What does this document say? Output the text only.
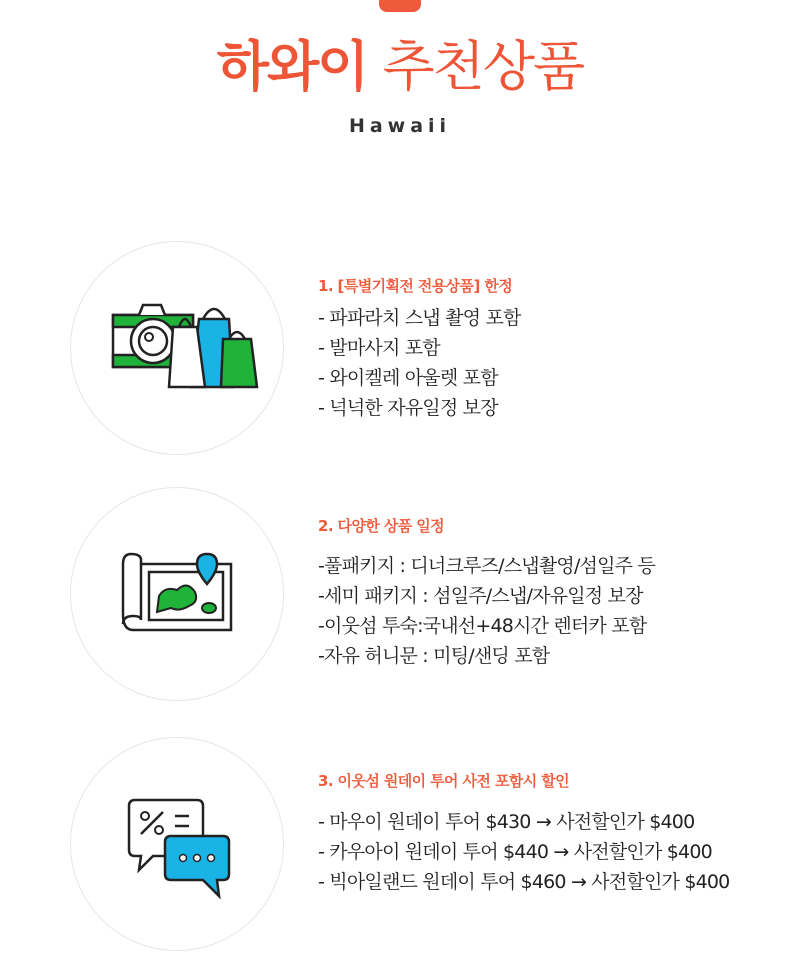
하와이 추천상품
Hawaii
1. [특별기획전 전용상품] 한정
- 파파라치 스냅 촬영 포함
- 발마사지 포함
- 와이켈레 아울렛 포함
- 넉넉한 자유일정 보장
2. 다양한 상품 일정
-풀패키지 : 디너크루즈/스냅촬영/섬일주 등
-세미 패키지 : 섬일주/스냅/자유일정 보장
-이웃섬 투숙:국내선+48시간 렌터카 포함
-자유 허니문 : 미팅/샌딩 포함
3. 이웃섬 원데이 투어 사전 포함시 할인
- 마우이 원데이 투어 $430 → 사전할인가 $400
- 카우아이 원데이 투어 $440 → 사전할인가 $400
- 빅아일랜드 원데이 투어 $460 → 사전할인가 $400
